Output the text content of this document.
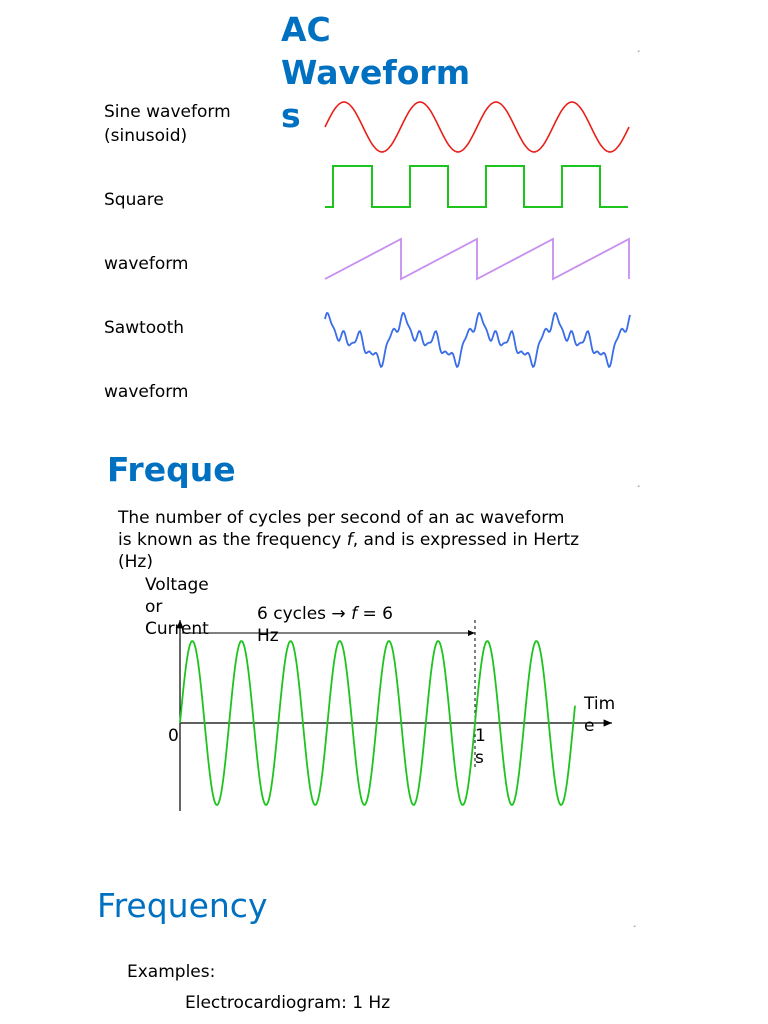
AC
Waveform
s
Sine waveform
(sinusoid)
Square
waveform
Sawtooth
waveform
¸
Freque	¸
The number of cycles per second of an ac waveform
is known as the frequency f, and is expressed in Hertz
(Hz)
Voltage
or
Current
6 cycles → f = 6
Hz
Tim
e
0	1
s
Frequency	¸
Examples:
Electrocardiogram: 1 Hz
